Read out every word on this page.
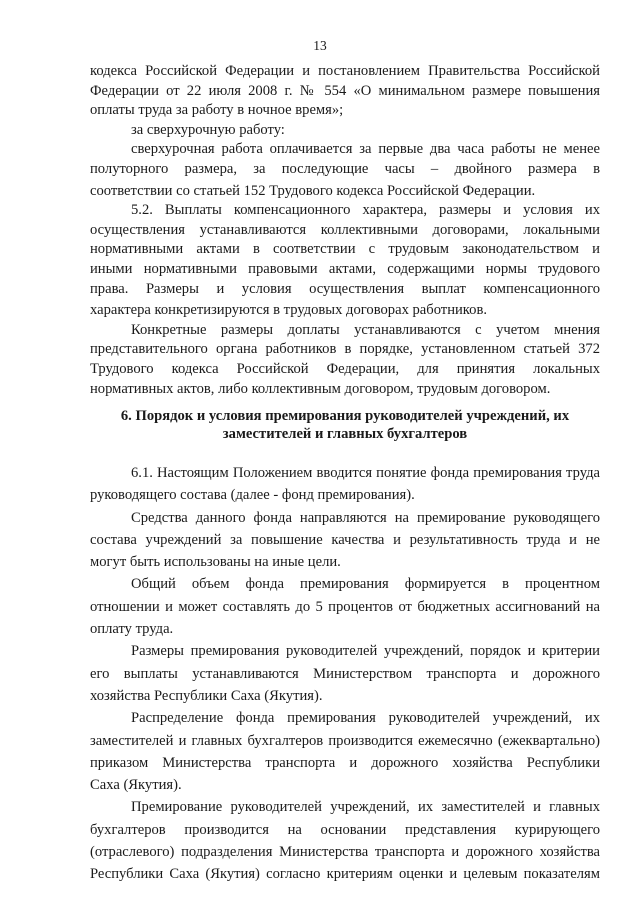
13
кодекса Российской Федерации и постановлением Правительства Российской
Федерации от 22 июля 2008 г. № 554 «О минимальном размере повышения
оплаты труда за работу в ночное время»;
за сверхурочную работу:
сверхурочная работа оплачивается за первые два часа работы не менее
полуторного размера, за последующие часы – двойного размера в
соответствии со статьей 152 Трудового кодекса Российской Федерации.
5.2. Выплаты компенсационного характера, размеры и условия их
осуществления устанавливаются коллективными договорами, локальными
нормативными актами в соответствии с трудовым законодательством и
иными нормативными правовыми актами, содержащими нормы трудового
права. Размеры и условия осуществления выплат компенсационного
характера конкретизируются в трудовых договорах работников.
Конкретные размеры доплаты устанавливаются с учетом мнения
представительного органа работников в порядке, установленном статьей 372
Трудового кодекса Российской Федерации, для принятия локальных
нормативных актов, либо коллективным договором, трудовым договором.
6. Порядок и условия премирования руководителей учреждений, их
заместителей и главных бухгалтеров
6.1. Настоящим Положением вводится понятие фонда премирования труда
руководящего состава (далее - фонд премирования).
Средства данного фонда направляются на премирование руководящего
состава учреждений за повышение качества и результативность труда и не
могут быть использованы на иные цели.
Общий объем фонда премирования формируется в процентном
отношении и может составлять до 5 процентов от бюджетных ассигнований на
оплату труда.
Размеры премирования руководителей учреждений, порядок и критерии
его выплаты устанавливаются Министерством транспорта и дорожного
хозяйства Республики Саха (Якутия).
Распределение фонда премирования руководителей учреждений, их
заместителей и главных бухгалтеров производится ежемесячно (ежеквартально)
приказом Министерства транспорта и дорожного хозяйства Республики
Саха (Якутия).
Премирование руководителей учреждений, их заместителей и главных
бухгалтеров производится на основании представления курирующего
(отраслевого) подразделения Министерства транспорта и дорожного хозяйства
Республики Саха (Якутия) согласно критериям оценки и целевым показателям
